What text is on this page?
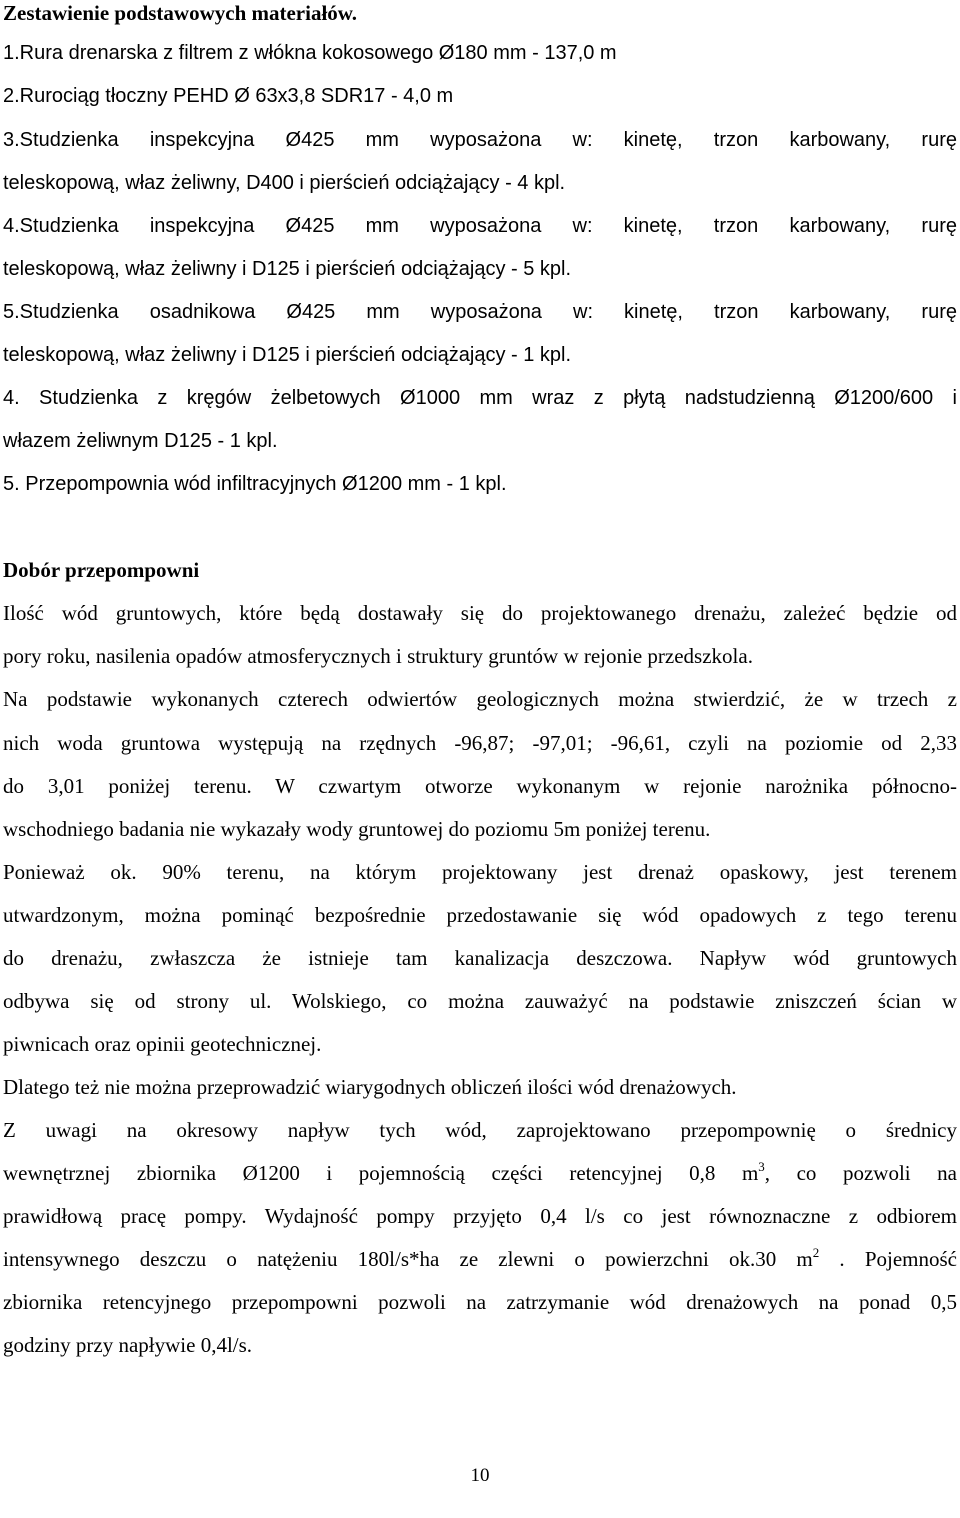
Zestawienie podstawowych materiałów.
1.Rura drenarska z filtrem z włókna kokosowego Ø180 mm - 137,0 m
2.Rurociąg tłoczny PEHD Ø 63x3,8 SDR17 - 4,0 m
3.Studzienka inspekcyjna Ø425 mm wyposażona w: kinetę, trzon karbowany, rurę
teleskopową, właz żeliwny, D400 i pierścień odciążający - 4 kpl.
4.Studzienka inspekcyjna Ø425 mm wyposażona w: kinetę, trzon karbowany, rurę
teleskopową, właz żeliwny i D125 i pierścień odciążający - 5 kpl.
5.Studzienka osadnikowa Ø425 mm wyposażona w: kinetę, trzon karbowany, rurę
teleskopową, właz żeliwny i D125 i pierścień odciążający - 1 kpl.
4. Studzienka z kręgów żelbetowych Ø1000 mm wraz z płytą nadstudzienną Ø1200/600 i
włazem żeliwnym D125 - 1 kpl.
5. Przepompownia wód infiltracyjnych Ø1200 mm - 1 kpl.
Dobór przepompowni
Ilość wód gruntowych, które będą dostawały się do projektowanego drenażu, zależeć będzie od
pory roku, nasilenia opadów atmosferycznych i struktury gruntów w rejonie przedszkola.
Na podstawie wykonanych czterech odwiertów geologicznych można stwierdzić, że w trzech z
nich woda gruntowa występują na rzędnych -96,87; -97,01; -96,61, czyli na poziomie od 2,33
do 3,01 poniżej terenu. W czwartym otworze wykonanym w rejonie narożnika północno-
wschodniego badania nie wykazały wody gruntowej do poziomu 5m poniżej terenu.
Ponieważ ok. 90% terenu, na którym projektowany jest drenaż opaskowy, jest terenem
utwardzonym, można pominąć bezpośrednie przedostawanie się wód opadowych z tego terenu
do drenażu, zwłaszcza że istnieje tam kanalizacja deszczowa. Napływ wód gruntowych
odbywa się od strony ul. Wolskiego, co można zauważyć na podstawie zniszczeń ścian w
piwnicach oraz opinii geotechnicznej.
Dlatego też nie można przeprowadzić wiarygodnych obliczeń ilości wód drenażowych.
Z uwagi na okresowy napływ tych wód, zaprojektowano przepompownię o średnicy
wewnętrznej zbiornika Ø1200 i pojemnością części retencyjnej 0,8 $m^3$, co pozwoli na
prawidłową pracę pompy. Wydajność pompy przyjęto 0,4 l/s co jest równoznaczne z odbiorem
intensywnego deszczu o natężeniu 180l/s*ha ze zlewni o powierzchni ok.30 $m^2$ . Pojemność
zbiornika retencyjnego przepompowni pozwoli na zatrzymanie wód drenażowych na ponad 0,5
godziny przy napływie 0,4l/s.
10
